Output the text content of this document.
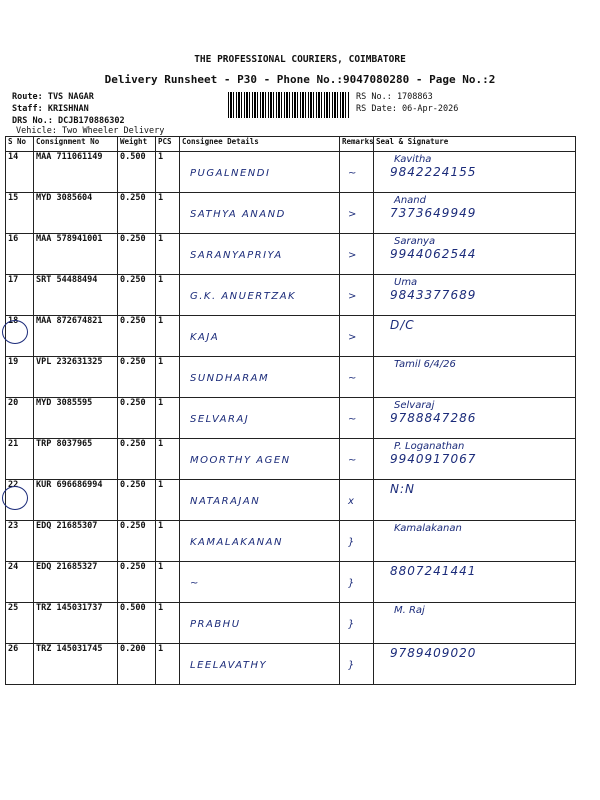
THE PROFESSIONAL COURIERS, COIMBATORE
Delivery Runsheet - P30 - Phone No.:9047080280 - Page No.:2
Route: TVS NAGAR
Staff: KRISHNAN
DRS No.: DCJB170886302
Vehicle: Two Wheeler Delivery
RS No.: 1708863
RS Date: 06-Apr-2026
S No	Consignment No	Weight	PCS	Consignee Details	Remarks	Seal & Signature
14	MAA 711061149	0.500	1	PUGALNENDI	~	Kavitha
9842224155

15	MYD 3085604	0.250	1	SATHYA ANAND	>	Anand
7373649949

16	MAA 578941001	0.250	1	SARANYAPRIYA	>	Saranya
9944062544

17	SRT 54488494	0.250	1	G.K. ANUERTZAK	>	Uma
9843377689

18	MAA 872674821	0.250	1	KAJA	>	D/C

19	VPL 232631325	0.250	1	SUNDHARAM	~	Tamil 6/4/26

20	MYD 3085595	0.250	1	SELVARAJ	~	Selvaraj
9788847286

21	TRP 8037965	0.250	1	MOORTHY AGEN	~	P. Loganathan
9940917067

22	KUR 696686994	0.250	1	NATARAJAN	x	N:N

23	EDQ 21685307	0.250	1	KAMALAKANAN	}	Kamalakanan

24	EDQ 21685327	0.250	1	~	}	8807241441

25	TRZ 145031737	0.500	1	PRABHU	}	M. Raj

26	TRZ 145031745	0.200	1	LEELAVATHY	}	9789409020
